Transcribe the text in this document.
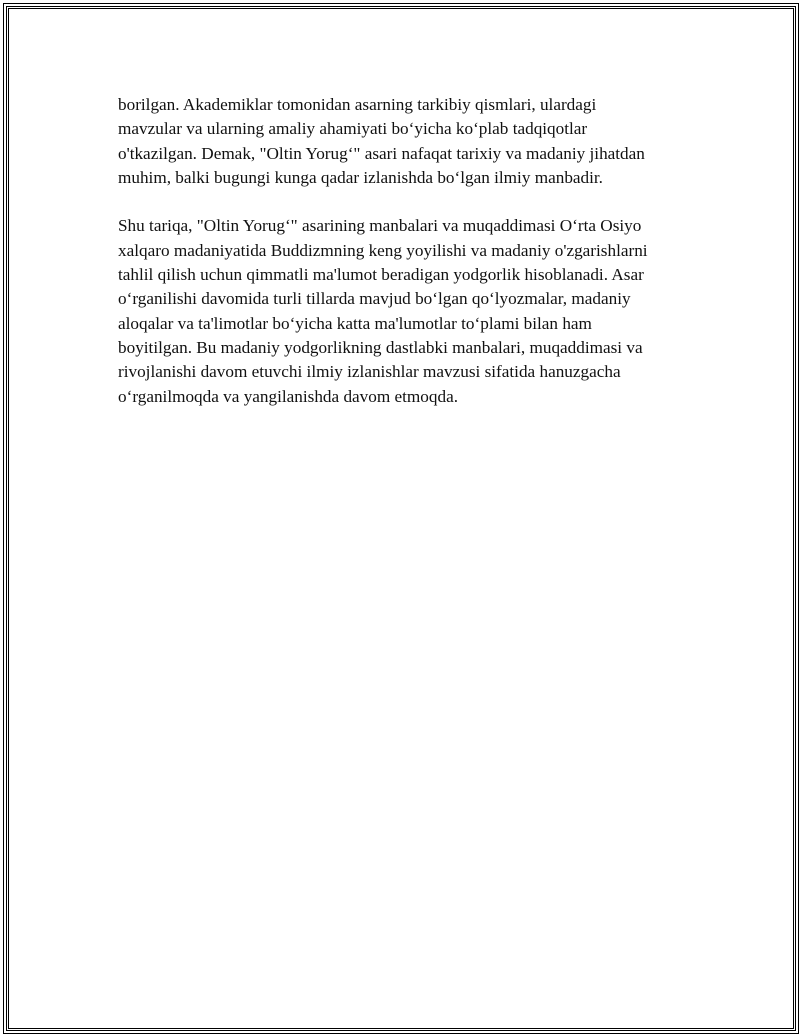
borilgan. Akademiklar tomonidan asarning tarkibiy qismlari, ulardagi
mavzular va ularning amaliy ahamiyati bo‘yicha ko‘plab tadqiqotlar
o'tkazilgan. Demak, "Oltin Yorug‘" asari nafaqat tarixiy va madaniy jihatdan
muhim, balki bugungi kunga qadar izlanishda bo‘lgan ilmiy manbadir.

Shu tariqa, "Oltin Yorug‘" asarining manbalari va muqaddimasi O‘rta Osiyo
xalqaro madaniyatida Buddizmning keng yoyilishi va madaniy o'zgarishlarni
tahlil qilish uchun qimmatli ma'lumot beradigan yodgorlik hisoblanadi. Asar
o‘rganilishi davomida turli tillarda mavjud bo‘lgan qo‘lyozmalar, madaniy
aloqalar va ta'limotlar bo‘yicha katta ma'lumotlar to‘plami bilan ham
boyitilgan. Bu madaniy yodgorlikning dastlabki manbalari, muqaddimasi va
rivojlanishi davom etuvchi ilmiy izlanishlar mavzusi sifatida hanuzgacha
o‘rganilmoqda va yangilanishda davom etmoqda.
